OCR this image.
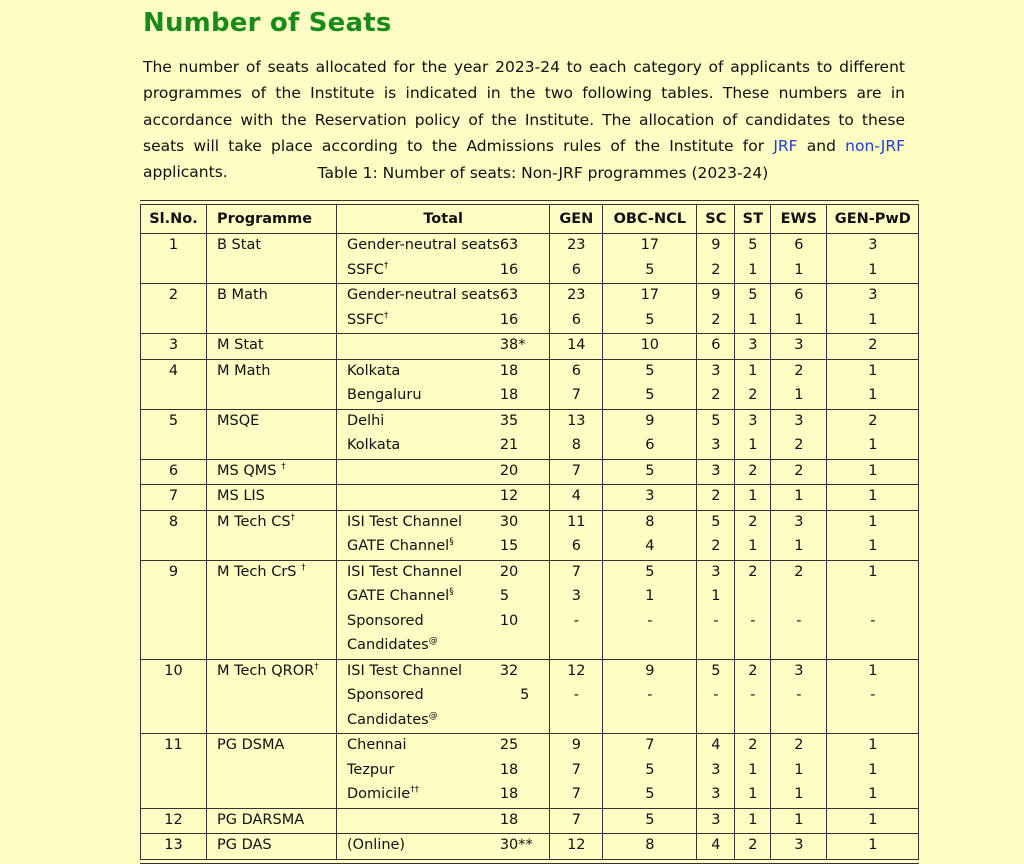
Number of Seats
The number of seats allocated for the year 2023-24 to each category of applicants to different programmes of the Institute is indicated in the two following tables. These numbers are in accordance with the Reservation policy of the Institute. The allocation of candidates to these seats will take place according to the Admissions rules of the Institute for JRF and non-JRF applicants.	Table 1: Number of seats: Non-JRF programmes (2023-24)
Sl.No.	Programme	Total		GEN	OBC-NCL	SC	ST	EWS	GEN-PwD
1	B Stat	Gender-neutral seats	63	23	17	9	5	6	3
		SSFC†	16	6	5	2	1	1	1
2	B Math	Gender-neutral seats	63	23	17	9	5	6	3
		SSFC†	16	6	5	2	1	1	1
3	M Stat		38*	14	10	6	3	3	2
4	M Math	Kolkata	18	6	5	3	1	2	1
		Bengaluru	18	7	5	2	2	1	1
5	MSQE	Delhi	35	13	9	5	3	3	2
		Kolkata	21	8	6	3	1	2	1
6	MS QMS †		20	7	5	3	2	2	1
7	MS LIS		12	4	3	2	1	1	1
8	M Tech CS†	ISI Test Channel	30	11	8	5	2	3	1
		GATE Channel§	15	6	4	2	1	1	1
9	M Tech CrS †	ISI Test Channel	20	7	5	3	2	2	1
		GATE Channel§	5	3	1	1			
		Sponsored	10	-	-	-	-	-	-
		Candidates@							
10	M Tech QROR†	ISI Test Channel	32	12	9	5	2	3	1
		Sponsored	5	-	-	-	-	-	-
		Candidates@							
11	PG DSMA	Chennai	25	9	7	4	2	2	1
		Tezpur	18	7	5	3	1	1	1
		Domicile††	18	7	5	3	1	1	1
12	PG DARSMA		18	7	5	3	1	1	1
13	PG DAS	(Online)	30**	12	8	4	2	3	1
